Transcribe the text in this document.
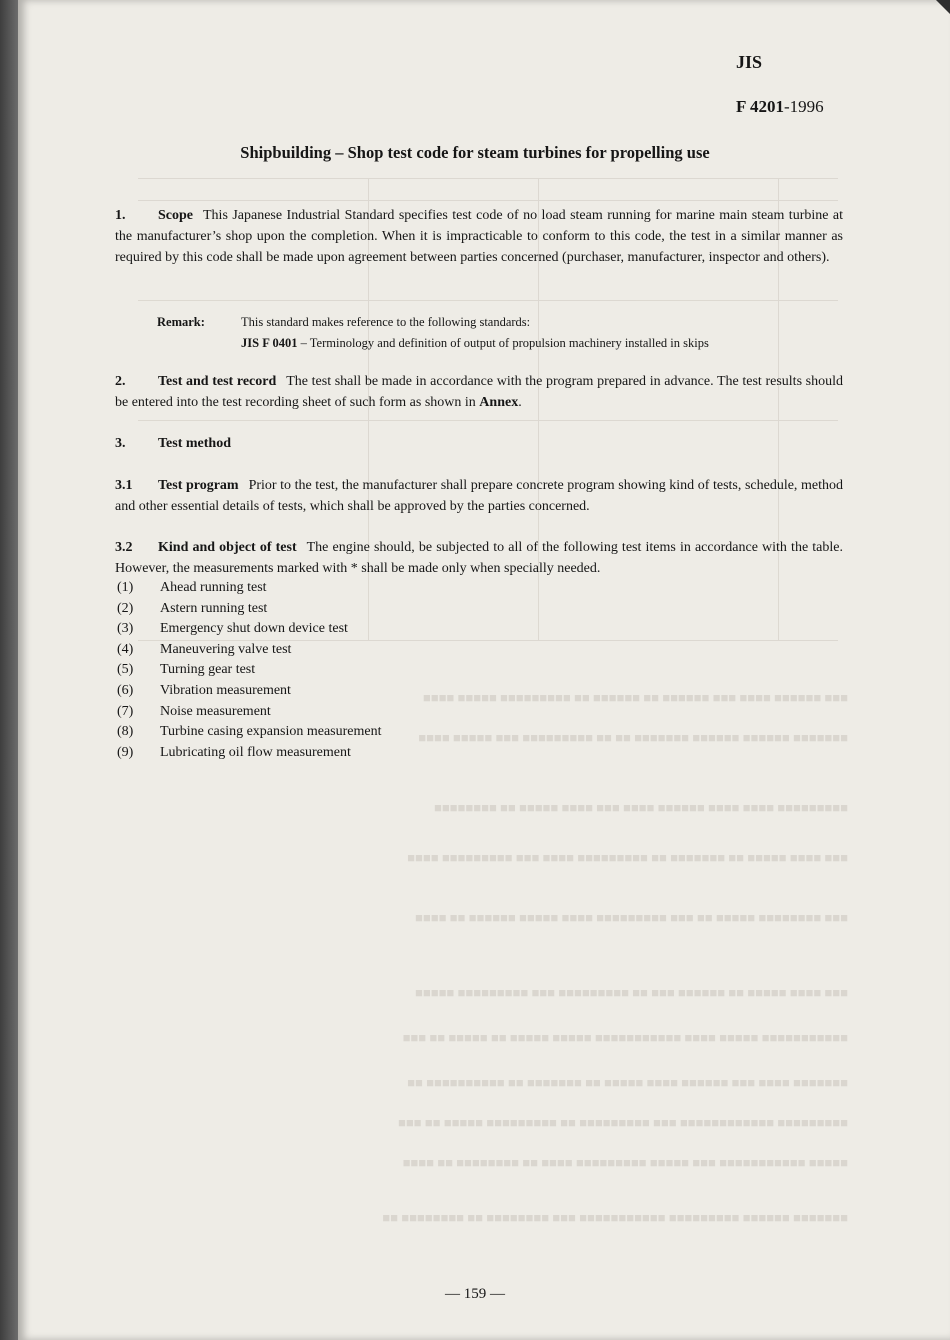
■■■ ■■■■■■ ■■■■ ■■■ ■■■■■■ ■■ ■■■■■■ ■■ ■■■■■■■■■ ■■■■■ ■■■■
■■■■■■■ ■■■■■■ ■■■■■■ ■■■■■■■ ■■ ■■ ■■■■■■■■■ ■■■ ■■■■■ ■■■■
■■■■■■■■■ ■■■■ ■■■■ ■■■■■■ ■■■■ ■■■ ■■■■ ■■■■■ ■■ ■■■■■■■■
■■■ ■■■■ ■■■■■ ■■ ■■■■■■■ ■■ ■■■■■■■■■ ■■■■ ■■■ ■■■■■■■■■ ■■■■
■■■ ■■■■■■■■ ■■■■■ ■■ ■■■ ■■■■■■■■■ ■■■■ ■■■■■ ■■■■■■ ■■ ■■■■
■■■ ■■■■ ■■■■■ ■■ ■■■■■■ ■■■ ■■ ■■■■■■■■■ ■■■ ■■■■■■■■■ ■■■■■
■■■■■■■■■■■ ■■■■■ ■■■■ ■■■■■■■■■■■ ■■■■■ ■■■■■ ■■ ■■■■■ ■■ ■■■
■■■■■■■ ■■■■ ■■■ ■■■■■■ ■■■■ ■■■■■ ■■ ■■■■■■■ ■■ ■■■■■■■■■■ ■■
■■■■■■■■■ ■■■■■■■■■■■■ ■■■ ■■■■■■■■■ ■■ ■■■■■■■■■ ■■■■■ ■■ ■■■
■■■■■ ■■■■■■■■■■■ ■■■ ■■■■■ ■■■■■■■■■ ■■■■ ■■ ■■■■■■■■ ■■ ■■■■
■■■■■■■ ■■■■■■ ■■■■■■■■■ ■■■■■■■■■■■ ■■■ ■■■■■■■■ ■■ ■■■■■■■■ ■■
JIS
F 4201-1996
Shipbuilding – Shop test code for steam turbines for propelling use
1. Scope This Japanese Industrial Standard specifies test code of no load steam running for marine main steam turbine at the manufacturer’s shop upon the completion. When it is impracticable to conform to this code, the test in a similar manner as required by this code shall be made upon agreement between parties concerned (purchaser, manufacturer, inspector and others).
Remark:	This standard makes reference to the following standards:
JIS F 0401 – Terminology and definition of output of propulsion machinery installed in skips
2. Test and test record The test shall be made in accordance with the program prepared in advance. The test results should be entered into the test recording sheet of such form as shown in Annex.
3. Test method
3.1 Test program Prior to the test, the manufacturer shall prepare concrete program showing kind of tests, schedule, method and other essential details of tests, which shall be approved by the parties concerned.
3.2 Kind and object of test The engine should, be subjected to all of the following test items in accordance with the table. However, the measurements marked with * shall be made only when specially needed.
(1)	Ahead running test
(2)	Astern running test
(3)	Emergency shut down device test
(4)	Maneuvering valve test
(5)	Turning gear test
(6)	Vibration measurement
(7)	Noise measurement
(8)	Turbine casing expansion measurement
(9)	Lubricating oil flow measurement
— 159 —
